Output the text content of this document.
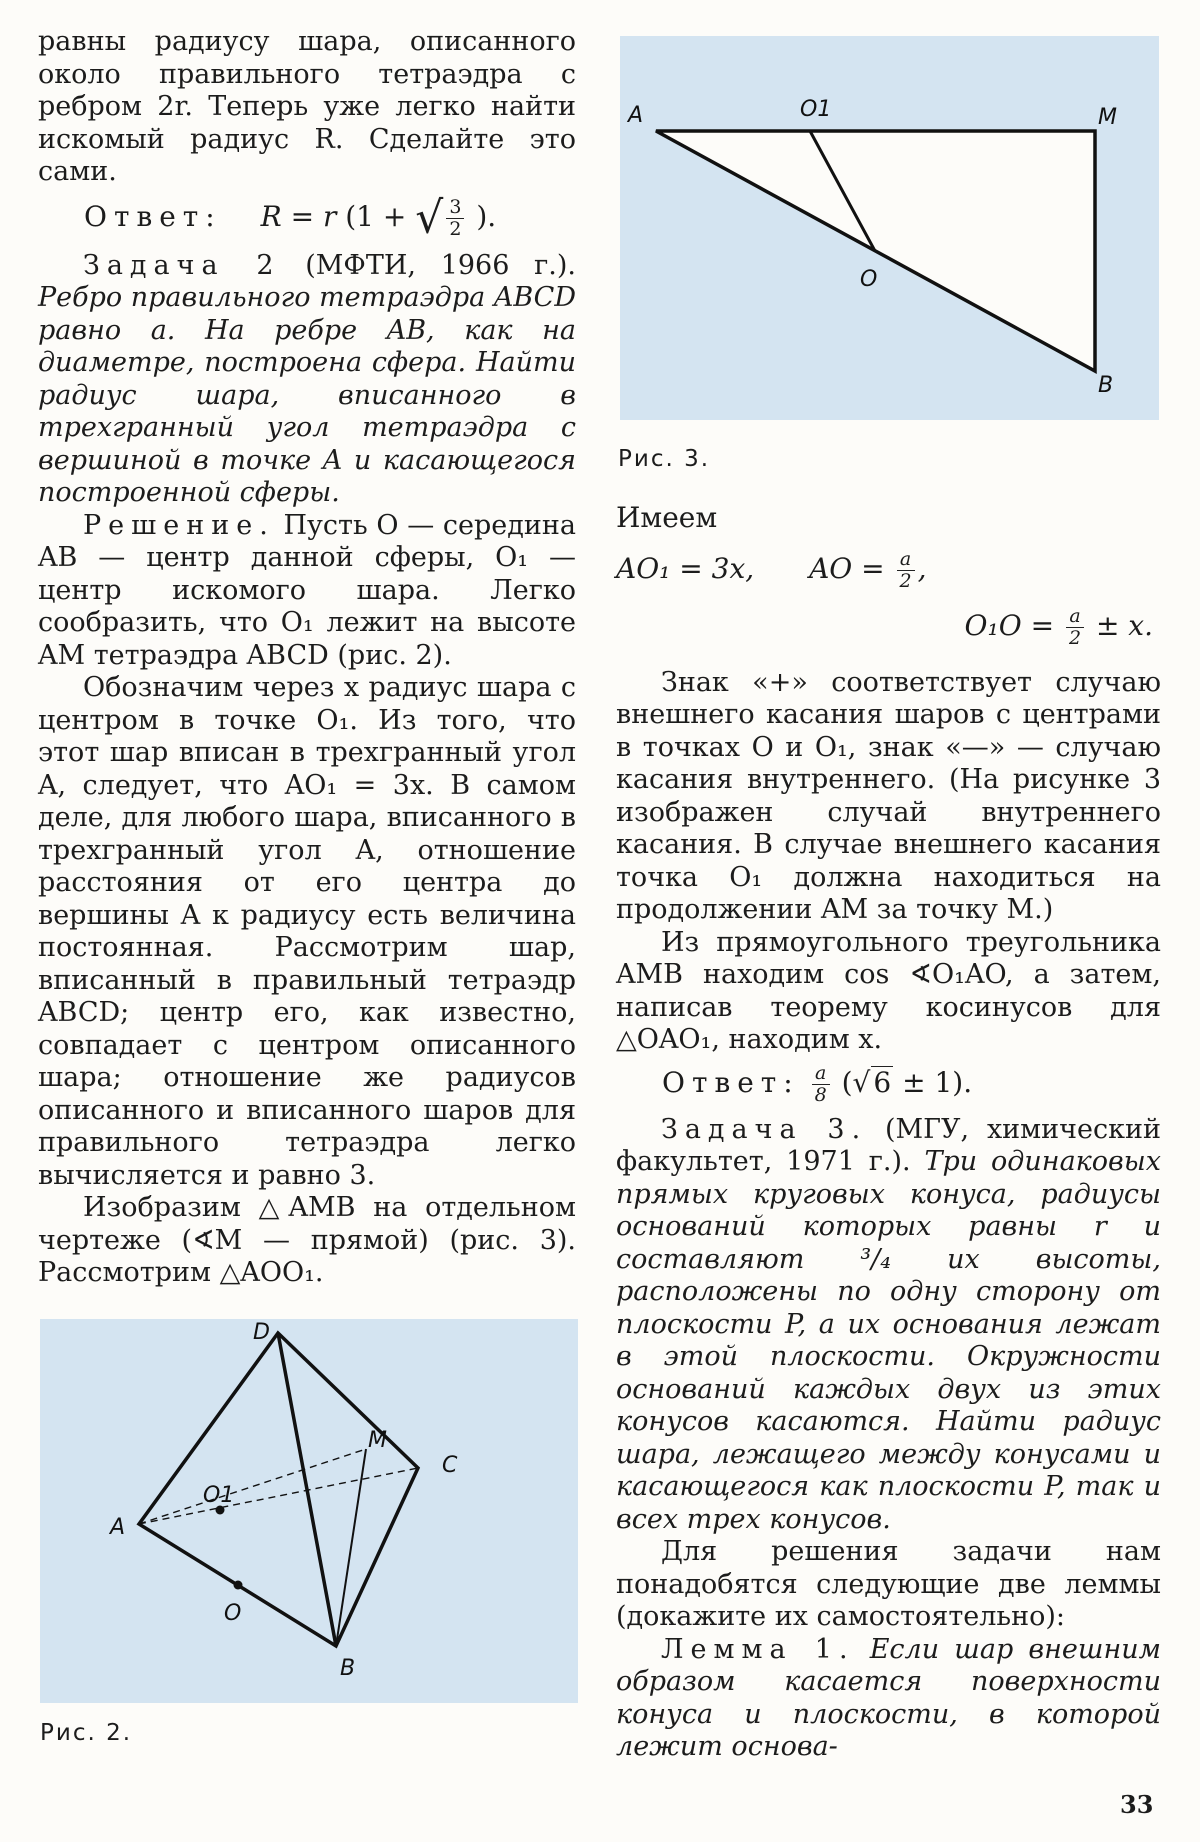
равны радиусу шара, описанного около правильного тетраэдра с ребром 2r. Теперь уже легко найти искомый радиус R. Сделайте это сами.

Ответ: R = r (1 + √ $\frac{3}{2}$ ).

Задача 2 (МФТИ, 1966 г.). Ребро правильного тетраэдра ABCD равно a. На ребре AB, как на диаметре, построена сфера. Найти радиус шара, вписанного в трехгранный угол тетраэдра с вершиной в точке A и касающегося построенной сферы.

Решение. Пусть O — середина AB — центр данной сферы, O₁ — центр искомого шара. Легко сообразить, что O₁ лежит на высоте AM тетраэдра ABCD (рис. 2).

Обозначим через x радиус шара с центром в точке O₁. Из того, что этот шар вписан в трехгранный угол A, следует, что AO₁ = 3x. В самом деле, для любого шара, вписанного в трехгранный угол A, отношение расстояния от его центра до вершины A к радиусу есть величина постоянная. Рассмотрим шар, вписанный в правильный тетраэдр ABCD; центр его, как известно, совпадает с центром описанного шара; отношение же радиусов описанного и вписанного шаров для правильного тетраэдра легко вычисляется и равно 3.

Изобразим △AMB на отдельном чертеже (∢M — прямой) (рис. 3). Рассмотрим △AOO₁.

D
A
B
C
M
O1
O
Рис. 2.
A	O1	M
O
B
Рис. 3.

Имеем

AO₁ = 3x, AO = $\frac{a}{2}$ ,
$O_1O = \frac{a}{2} \pm x$.

Знак «+» соответствует случаю внешнего касания шаров с центрами в точках O и O₁, знак «—» — случаю касания внутреннего. (На рисунке 3 изображен случай внутреннего касания. В случае внешнего касания точка O₁ должна находиться на продолжении AM за точку M.)

Из прямоугольного треугольника AMB находим cos ∢O₁AO, а затем, написав теорему косинусов для △OAO₁, находим x.

Ответ: $\frac{a}{8}$ (√ 6 ± 1).

Задача 3. (МГУ, химический факультет, 1971 г.). Три одинаковых прямых круговых конуса, радиусы оснований которых равны r и составляют ³/₄ их высоты, расположены по одну сторону от плоскости P, а их основания лежат в этой плоскости. Окружности оснований каждых двух из этих конусов касаются. Найти радиус шара, лежащего между конусами и касающегося как плоскости P, так и всех трех конусов.

Для решения задачи нам понадобятся следующие две леммы (докажите их самостоятельно):

Лемма 1. Если шар внешним образом касается поверхности конуса и плоскости, в которой лежит основа-

33
